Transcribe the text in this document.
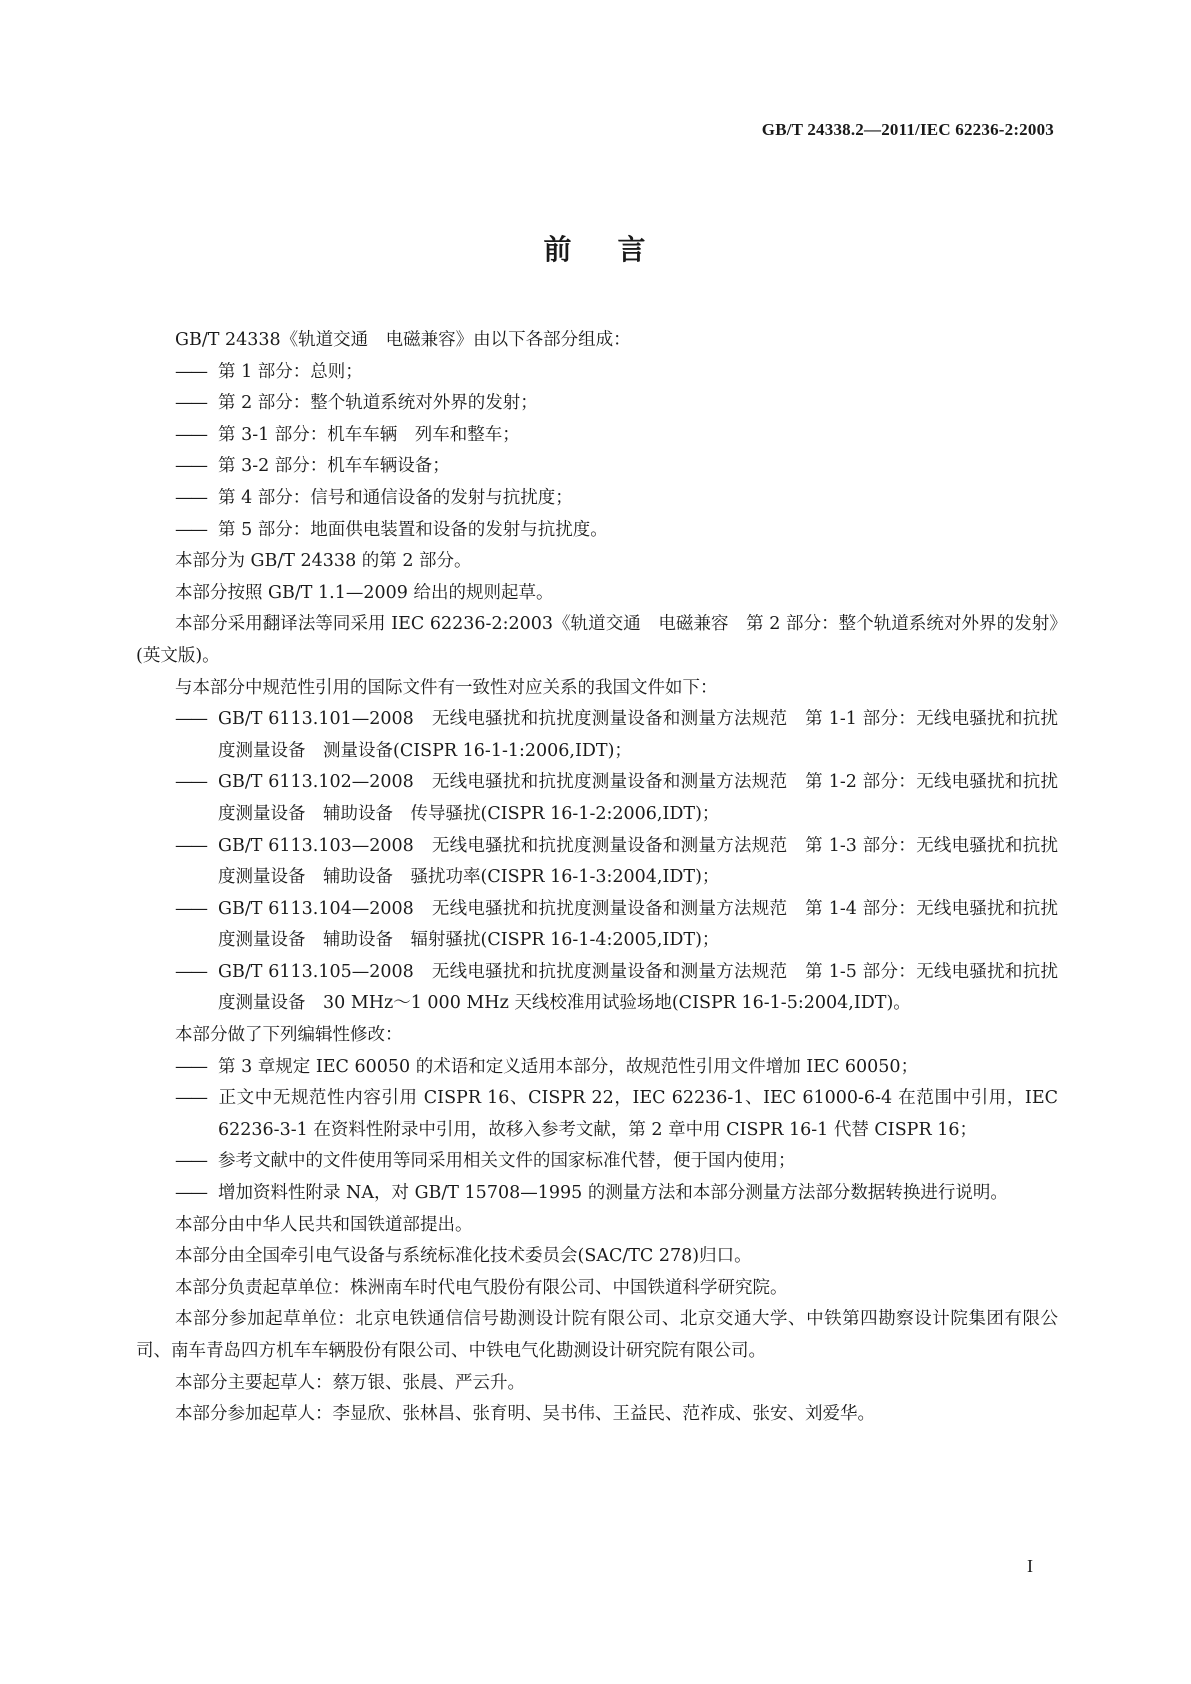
GB/T 24338.2—2011/IEC 62236-2:2003
前 言

GB/T 24338《轨道交通　电磁兼容》由以下各部分组成：

—— 第 1 部分：总则；

—— 第 2 部分：整个轨道系统对外界的发射；

—— 第 3-1 部分：机车车辆　列车和整车；

—— 第 3-2 部分：机车车辆设备；

—— 第 4 部分：信号和通信设备的发射与抗扰度；

—— 第 5 部分：地面供电装置和设备的发射与抗扰度。

本部分为 GB/T 24338 的第 2 部分。

本部分按照 GB/T 1.1—2009 给出的规则起草。

本部分采用翻译法等同采用 IEC 62236-2:2003《轨道交通　电磁兼容　第 2 部分：整个轨道系统对外界的发射》(英文版)。

与本部分中规范性引用的国际文件有一致性对应关系的我国文件如下：

—— GB/T 6113.101—2008　无线电骚扰和抗扰度测量设备和测量方法规范　第 1-1 部分：无线电骚扰和抗扰度测量设备　测量设备(CISPR 16-1-1:2006,IDT)；

—— GB/T 6113.102—2008　无线电骚扰和抗扰度测量设备和测量方法规范　第 1-2 部分：无线电骚扰和抗扰度测量设备　辅助设备　传导骚扰(CISPR 16-1-2:2006,IDT)；

—— GB/T 6113.103—2008　无线电骚扰和抗扰度测量设备和测量方法规范　第 1-3 部分：无线电骚扰和抗扰度测量设备　辅助设备　骚扰功率(CISPR 16-1-3:2004,IDT)；

—— GB/T 6113.104—2008　无线电骚扰和抗扰度测量设备和测量方法规范　第 1-4 部分：无线电骚扰和抗扰度测量设备　辅助设备　辐射骚扰(CISPR 16-1-4:2005,IDT)；

—— GB/T 6113.105—2008　无线电骚扰和抗扰度测量设备和测量方法规范　第 1-5 部分：无线电骚扰和抗扰度测量设备　30 MHz～1 000 MHz 天线校准用试验场地(CISPR 16-1-5:2004,IDT)。

本部分做了下列编辑性修改：

—— 第 3 章规定 IEC 60050 的术语和定义适用本部分，故规范性引用文件增加 IEC 60050；

—— 正文中无规范性内容引用 CISPR 16、CISPR 22，IEC 62236-1、IEC 61000-6-4 在范围中引用，IEC 62236-3-1 在资料性附录中引用，故移入参考文献，第 2 章中用 CISPR 16-1 代替 CISPR 16；

—— 参考文献中的文件使用等同采用相关文件的国家标准代替，便于国内使用；

—— 增加资料性附录 NA，对 GB/T 15708—1995 的测量方法和本部分测量方法部分数据转换进行说明。

本部分由中华人民共和国铁道部提出。

本部分由全国牵引电气设备与系统标准化技术委员会(SAC/TC 278)归口。

本部分负责起草单位：株洲南车时代电气股份有限公司、中国铁道科学研究院。

本部分参加起草单位：北京电铁通信信号勘测设计院有限公司、北京交通大学、中铁第四勘察设计院集团有限公司、南车青岛四方机车车辆股份有限公司、中铁电气化勘测设计研究院有限公司。

本部分主要起草人：蔡万银、张晨、严云升。

本部分参加起草人：李显欣、张林昌、张育明、吴书伟、王益民、范祚成、张安、刘爱华。

I
